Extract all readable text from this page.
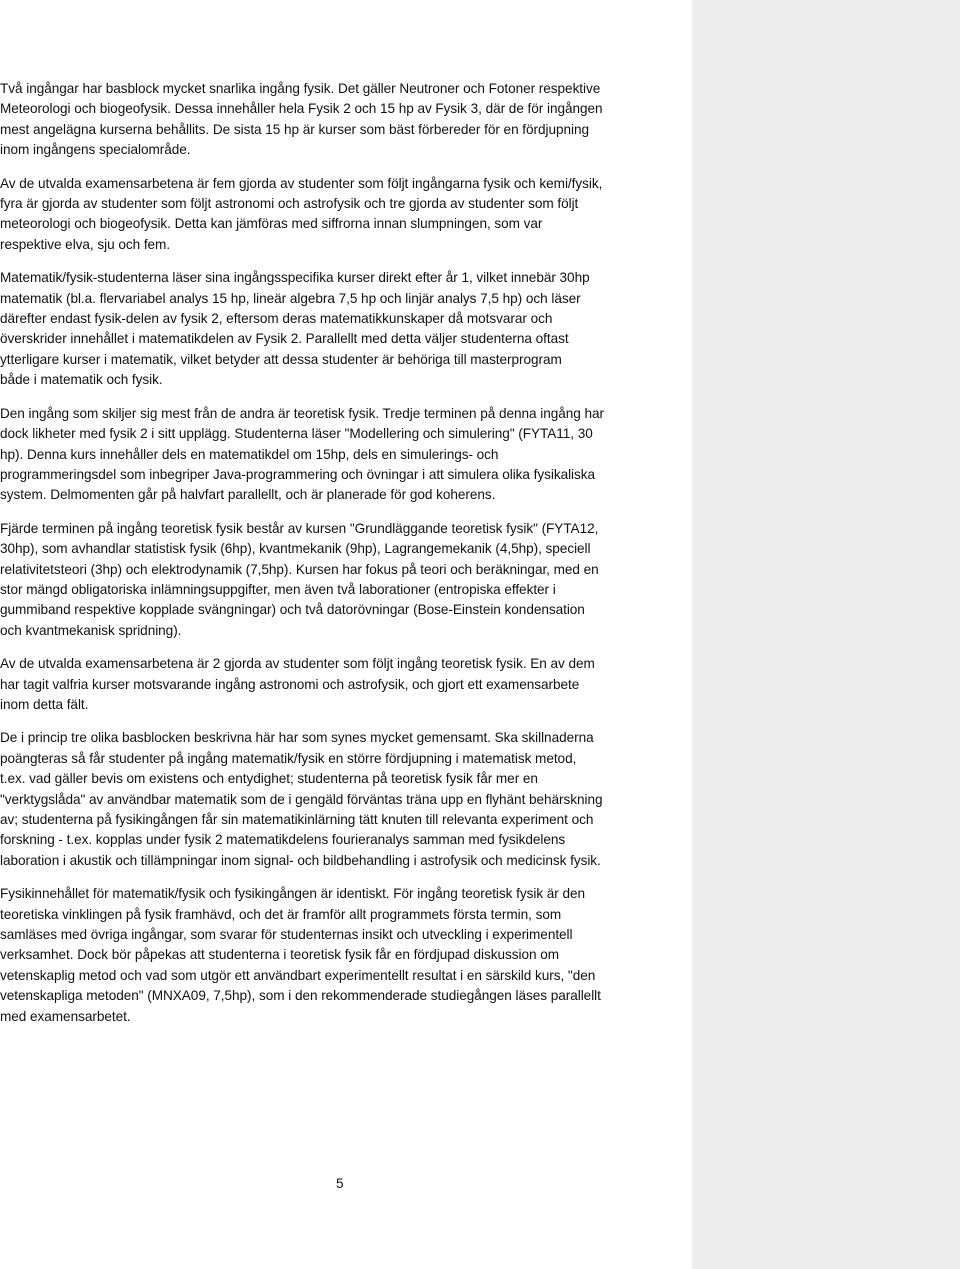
Två ingångar har basblock mycket snarlika ingång fysik. Det gäller Neutroner och Fotoner respektive
Meteorologi och biogeofysik. Dessa innehåller hela Fysik 2 och 15 hp av Fysik 3, där de för ingången
mest angelägna kurserna behållits. De sista 15 hp är kurser som bäst förbereder för en fördjupning
inom ingångens specialområde.

Av de utvalda examensarbetena är fem gjorda av studenter som följt ingångarna fysik och kemi/fysik,
fyra är gjorda av studenter som följt astronomi och astrofysik och tre gjorda av studenter som följt
meteorologi och biogeofysik. Detta kan jämföras med siffrorna innan slumpningen, som var
respektive elva, sju och fem.

Matematik/fysik-studenterna läser sina ingångsspecifika kurser direkt efter år 1, vilket innebär 30hp
matematik (bl.a. flervariabel analys 15 hp, lineär algebra 7,5 hp och linjär analys 7,5 hp) och läser
därefter endast fysik-delen av fysik 2, eftersom deras matematikkunskaper då motsvarar och
överskrider innehållet i matematikdelen av Fysik 2. Parallellt med detta väljer studenterna oftast
ytterligare kurser i matematik, vilket betyder att dessa studenter är behöriga till masterprogram
både i matematik och fysik.

Den ingång som skiljer sig mest från de andra är teoretisk fysik. Tredje terminen på denna ingång har
dock likheter med fysik 2 i sitt upplägg. Studenterna läser "Modellering och simulering" (FYTA11, 30
hp). Denna kurs innehåller dels en matematikdel om 15hp, dels en simulerings- och
programmeringsdel som inbegriper Java-programmering och övningar i att simulera olika fysikaliska
system. Delmomenten går på halvfart parallellt, och är planerade för god koherens.

Fjärde terminen på ingång teoretisk fysik består av kursen "Grundläggande teoretisk fysik" (FYTA12,
30hp), som avhandlar statistisk fysik (6hp), kvantmekanik (9hp), Lagrangemekanik (4,5hp), speciell
relativitetsteori (3hp) och elektrodynamik (7,5hp). Kursen har fokus på teori och beräkningar, med en
stor mängd obligatoriska inlämningsuppgifter, men även två laborationer (entropiska effekter i
gummiband respektive kopplade svängningar) och två datorövningar (Bose-Einstein kondensation
och kvantmekanisk spridning).

Av de utvalda examensarbetena är 2 gjorda av studenter som följt ingång teoretisk fysik. En av dem
har tagit valfria kurser motsvarande ingång astronomi och astrofysik, och gjort ett examensarbete
inom detta fält.

De i princip tre olika basblocken beskrivna här har som synes mycket gemensamt. Ska skillnaderna
poängteras så får studenter på ingång matematik/fysik en större fördjupning i matematisk metod,
t.ex. vad gäller bevis om existens och entydighet; studenterna på teoretisk fysik får mer en
"verktygslåda" av användbar matematik som de i gengäld förväntas träna upp en flyhänt behärskning
av; studenterna på fysikingången får sin matematikinlärning tätt knuten till relevanta experiment och
forskning - t.ex. kopplas under fysik 2 matematikdelens fourieranalys samman med fysikdelens
laboration i akustik och tillämpningar inom signal- och bildbehandling i astrofysik och medicinsk fysik.

Fysikinnehållet för matematik/fysik och fysikingången är identiskt. För ingång teoretisk fysik är den
teoretiska vinklingen på fysik framhävd, och det är framför allt programmets första termin, som
samläses med övriga ingångar, som svarar för studenternas insikt och utveckling i experimentell
verksamhet. Dock bör påpekas att studenterna i teoretisk fysik får en fördjupad diskussion om
vetenskaplig metod och vad som utgör ett användbart experimentellt resultat i en särskild kurs, "den
vetenskapliga metoden" (MNXA09, 7,5hp), som i den rekommenderade studiegången läses parallellt
med examensarbetet.

5
